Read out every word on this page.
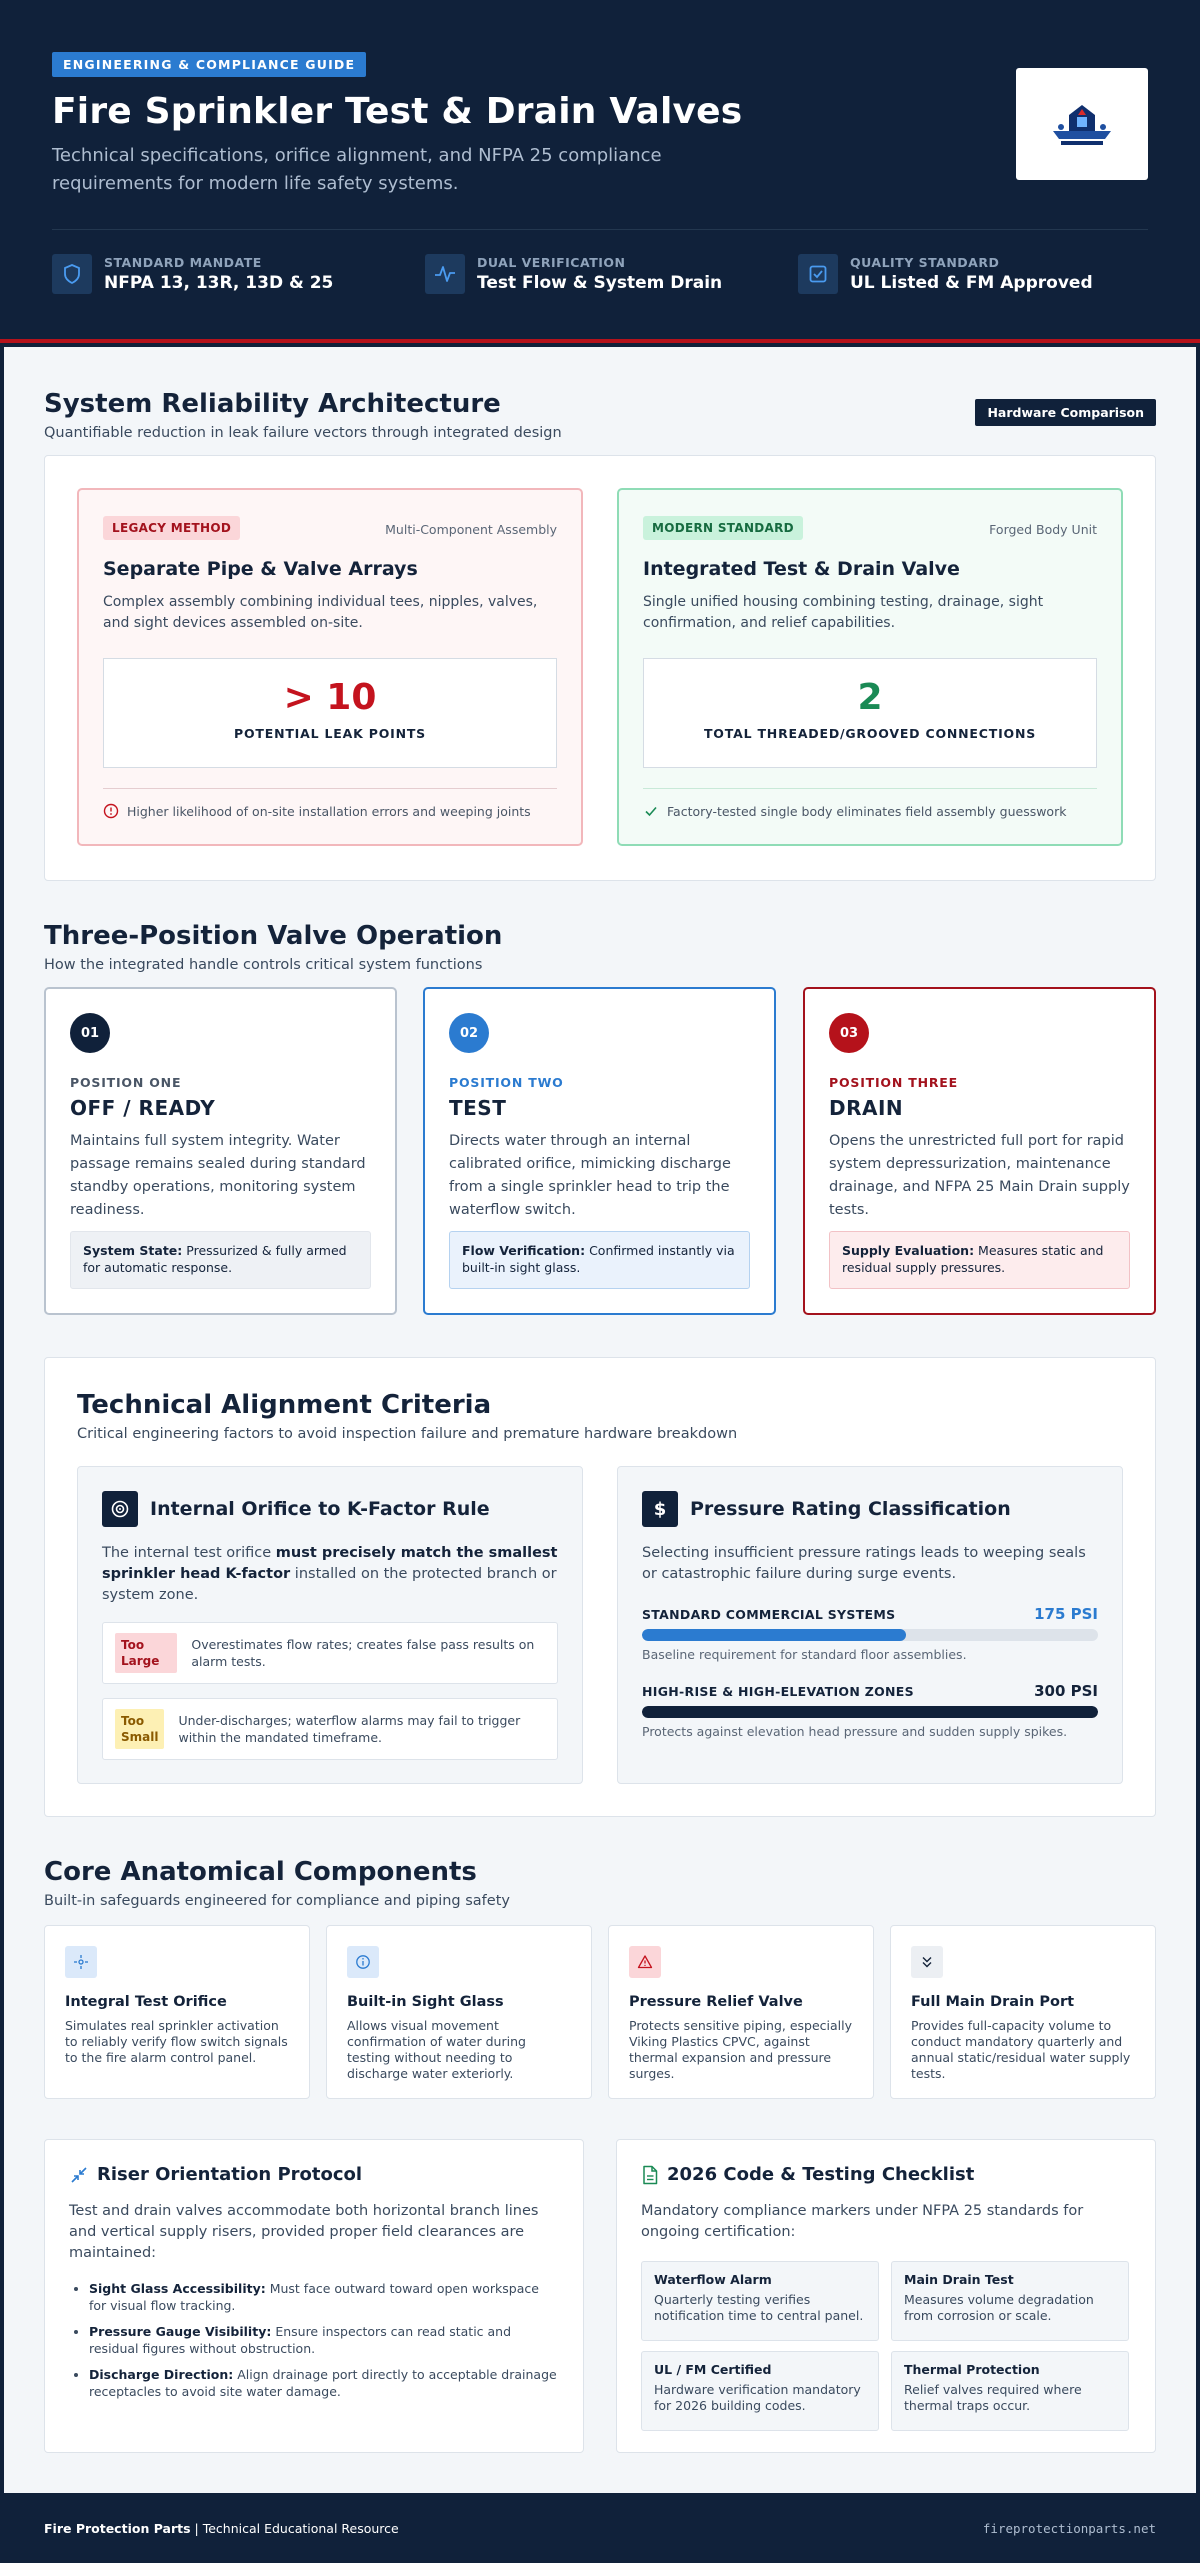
ENGINEERING & COMPLIANCE GUIDE
Fire Sprinkler Test & Drain Valves

Technical specifications, orifice alignment, and NFPA 25 compliance requirements for modern life safety systems.

STANDARD MANDATE
NFPA 13, 13R, 13D & 25
DUAL VERIFICATION
Test Flow & System Drain
QUALITY STANDARD
UL Listed & FM Approved
System Reliability Architecture

Quantifiable reduction in leak failure vectors through integrated design

Hardware Comparison
LEGACY METHOD	Multi-Component Assembly
Separate Pipe & Valve Arrays

Complex assembly combining individual tees, nipples, valves, and sight devices assembled on-site.

> 10
POTENTIAL LEAK POINTS
Higher likelihood of on-site installation errors and weeping joints
MODERN STANDARD	Forged Body Unit
Integrated Test & Drain Valve

Single unified housing combining testing, drainage, sight confirmation, and relief capabilities.

2
TOTAL THREADED/GROOVED CONNECTIONS
Factory-tested single body eliminates field assembly guesswork
Three-Position Valve Operation

How the integrated handle controls critical system functions

01
POSITION ONE
OFF / READY
Maintains full system integrity. Water passage remains sealed during standard standby operations, monitoring system readiness.
System State: Pressurized & fully armed for automatic response.
02
POSITION TWO
TEST
Directs water through an internal calibrated orifice, mimicking discharge from a single sprinkler head to trip the waterflow switch.
Flow Verification: Confirmed instantly via built-in sight glass.
03
POSITION THREE
DRAIN
Opens the unrestricted full port for rapid system depressurization, maintenance drainage, and NFPA 25 Main Drain supply tests.
Supply Evaluation: Measures static and residual supply pressures.
Technical Alignment Criteria

Critical engineering factors to avoid inspection failure and premature hardware breakdown

Internal Orifice to K-Factor Rule

The internal test orifice must precisely match the smallest sprinkler head K-factor installed on the protected branch or system zone.

Too Large
Overestimates flow rates; creates false pass results on alarm tests.
Too Small
Under-discharges; waterflow alarms may fail to trigger within the mandated timeframe.
$ Pressure Rating Classification

Selecting insufficient pressure ratings leads to weeping seals or catastrophic failure during surge events.

STANDARD COMMERCIAL SYSTEMS	175 PSI
Baseline requirement for standard floor assemblies.
HIGH-RISE & HIGH-ELEVATION ZONES	300 PSI
Protects against elevation head pressure and sudden supply spikes.
Core Anatomical Components

Built-in safeguards engineered for compliance and piping safety

Integral Test Orifice
Simulates real sprinkler activation to reliably verify flow switch signals to the fire alarm control panel.
Built-in Sight Glass
Allows visual movement confirmation of water during testing without needing to discharge water exteriorly.
Pressure Relief Valve
Protects sensitive piping, especially Viking Plastics CPVC, against thermal expansion and pressure surges.
Full Main Drain Port
Provides full-capacity volume to conduct mandatory quarterly and annual static/residual water supply tests.
Riser Orientation Protocol

Test and drain valves accommodate both horizontal branch lines and vertical supply risers, provided proper field clearances are maintained:

• Sight Glass Accessibility: Must face outward toward open workspace for visual flow tracking.
• Pressure Gauge Visibility: Ensure inspectors can read static and residual figures without obstruction.
• Discharge Direction: Align drainage port directly to acceptable drainage receptacles to avoid site water damage.
2026 Code & Testing Checklist

Mandatory compliance markers under NFPA 25 standards for ongoing certification:

Waterflow Alarm
Quarterly testing verifies notification time to central panel.
Main Drain Test
Measures volume degradation from corrosion or scale.
UL / FM Certified
Hardware verification mandatory for 2026 building codes.
Thermal Protection
Relief valves required where thermal traps occur.
Fire Protection Parts | Technical Educational Resource	fireprotectionparts.net
